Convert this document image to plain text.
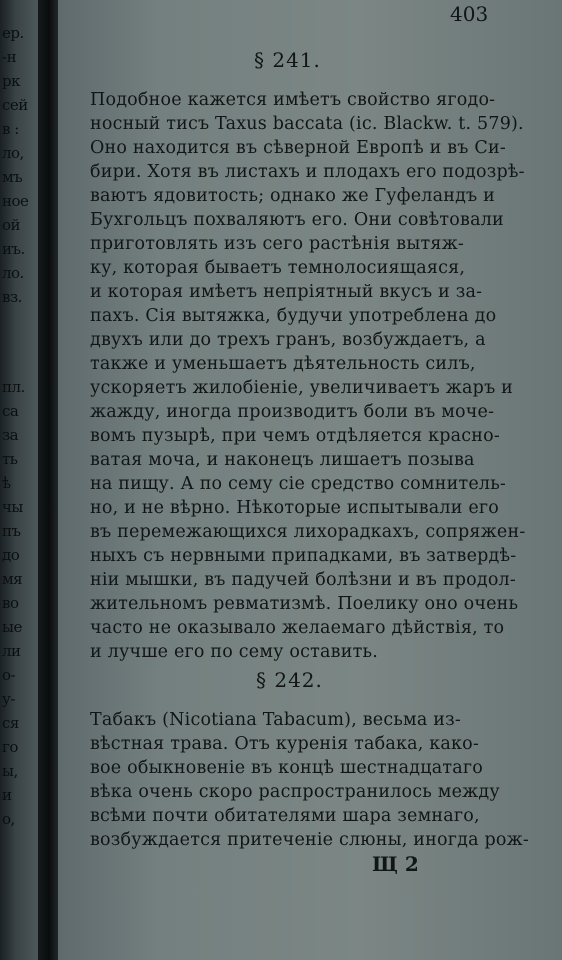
ер.
-н
рк
сей
в :
ло,
мъ
ное
ой
иъ.
ло.
вз.
пл.
са
за
ть
ѣ
чы
пъ
до
мя
во
ые
ли
о-
у-
ся
го
ы,
и
о,
403
§ 241.
Подобное кажется имѣетъ свойство ягодо-
носный тисъ Taxus baccata (ic. Blackw. t. 579).
Оно находится въ сѣверной Европѣ и въ Си-
бири. Хотя въ листахъ и плодахъ его подозрѣ-
ваютъ ядовитость; однако же Гуфеландъ и
Бухгольцъ похваляютъ его. Они совѣтовали
приготовлять изъ сего растѣнія вытяж-
ку, которая бываетъ темнолосиящаяся,
и которая имѣетъ непріятный вкусъ и за-
пахъ. Сія вытяжка, будучи употреблена до
двухъ или до трехъ гранъ, возбуждаетъ, а
также и уменьшаетъ дѣятельность силъ,
ускоряетъ жилобіеніе, увеличиваетъ жаръ и
жажду, иногда производитъ боли въ моче-
вомъ пузырѣ, при чемъ отдѣляется красно-
ватая моча, и наконецъ лишаетъ позыва
на пищу. А по сему сіе средство сомнитель-
но, и не вѣрно. Нѣкоторые испытывали его
въ перемежающихся лихорадкахъ, сопряжен-
ныхъ съ нервными припадками, въ затвердѣ-
ніи мышки, въ падучей болѣзни и въ продол-
жительномъ ревматизмѣ. Поелику оно очень
часто не оказывало желаемаго дѣйствія, то
и лучше его по сему оставить.
§ 242.
Табакъ (Nicotiana Tabacum), весьма из-
вѣстная трава. Отъ куренія табака, како-
вое обыкновеніе въ концѣ шестнадцатаго
вѣка очень скоро распространилось между
всѣми почти обитателями шара земнаго,
возбуждается притеченіе слюны, иногда рож-
Щ 2
